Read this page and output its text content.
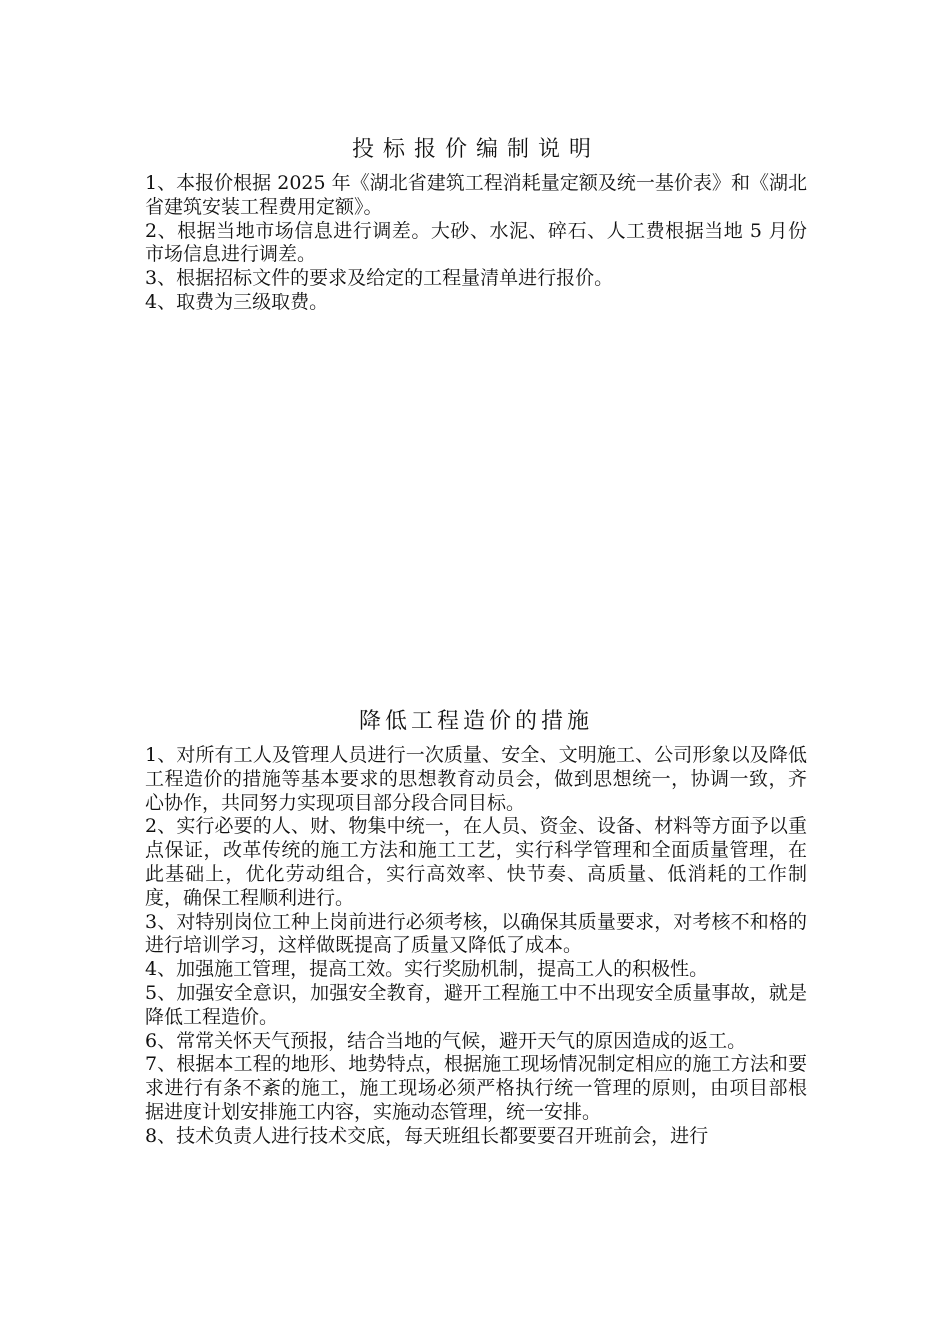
投标报价编制说明

1、本报价根据 2025 年《湖北省建筑工程消耗量定额及统一基价表》和《湖北省建筑安装工程费用定额》。

2、根据当地市场信息进行调差。大砂、水泥、碎石、人工费根据当地 5 月份市场信息进行调差。

3、根据招标文件的要求及给定的工程量清单进行报价。

4、取费为三级取费。

降低工程造价的措施

1、对所有工人及管理人员进行一次质量、安全、文明施工、公司形象以及降低工程造价的措施等基本要求的思想教育动员会，做到思想统一，协调一致，齐心协作，共同努力实现项目部分段合同目标。

2、实行必要的人、财、物集中统一，在人员、资金、设备、材料等方面予以重点保证，改革传统的施工方法和施工工艺，实行科学管理和全面质量管理，在此基础上，优化劳动组合，实行高效率、快节奏、高质量、低消耗的工作制度，确保工程顺利进行。

3、对特别岗位工种上岗前进行必须考核，以确保其质量要求，对考核不和格的进行培训学习，这样做既提高了质量又降低了成本。

4、加强施工管理，提高工效。实行奖励机制，提高工人的积极性。

5、加强安全意识，加强安全教育，避开工程施工中不出现安全质量事故，就是降低工程造价。

6、常常关怀天气预报，结合当地的气候，避开天气的原因造成的返工。

7、根据本工程的地形、地势特点，根据施工现场情况制定相应的施工方法和要求进行有条不紊的施工，施工现场必须严格执行统一管理的原则，由项目部根据进度计划安排施工内容，实施动态管理，统一安排。

8、技术负责人进行技术交底，每天班组长都要要召开班前会，进行
